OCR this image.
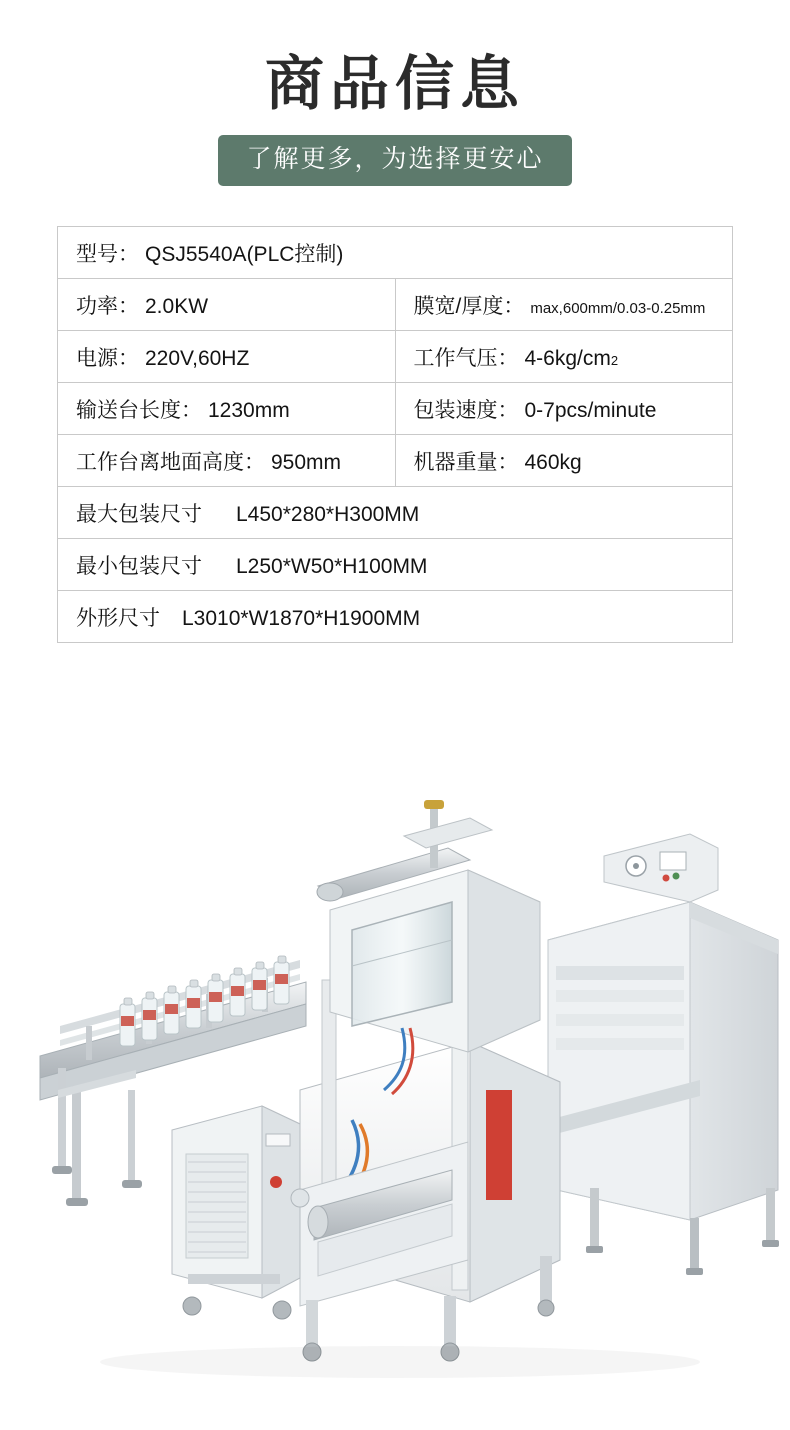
商品信息
了解更多，为选择更安心
型号： QSJ5540A(PLC控制)	

功率： 2.0KW	膜宽/厚度： max,600mm/0.03-0.25mm

电源： 220V,60HZ	工作气压： 4-6kg/cm 2

输送台长度： 1230mm	包装速度： 0-7pcs/minute

工作台离地面高度： 950mm	机器重量： 460kg

最大包装尺寸 L450*280*H300MM	

最小包装尺寸 L250*W50*H100MM	

外形尺寸 L3010*W1870*H1900MM	
